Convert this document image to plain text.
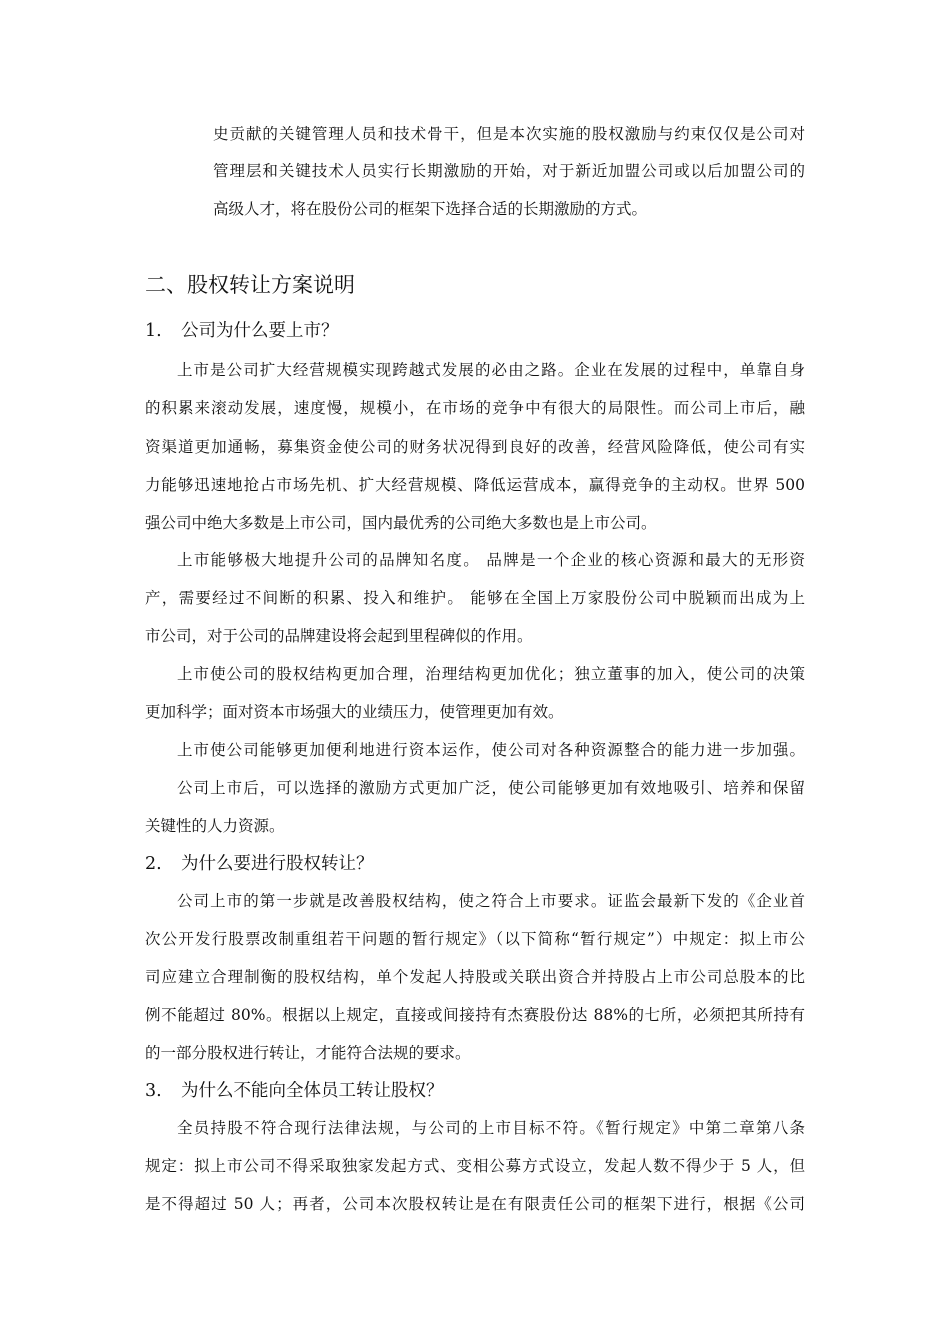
史贡献的关键管理人员和技术骨干，但是本次实施的股权激励与约束仅仅是公司对
管理层和关键技术人员实行长期激励的开始，对于新近加盟公司或以后加盟公司的
高级人才，将在股份公司的框架下选择合适的长期激励的方式。
二、股权转让方案说明
1. 公司为什么要上市？
上市是公司扩大经营规模实现跨越式发展的必由之路。企业在发展的过程中，单靠自身
的积累来滚动发展，速度慢，规模小，在市场的竞争中有很大的局限性。而公司上市后，融
资渠道更加通畅，募集资金使公司的财务状况得到良好的改善，经营风险降低，使公司有实
力能够迅速地抢占市场先机、扩大经营规模、降低运营成本，赢得竞争的主动权。世界 500
强公司中绝大多数是上市公司，国内最优秀的公司绝大多数也是上市公司。
上市能够极大地提升公司的品牌知名度。 品牌是一个企业的核心资源和最大的无形资
产，需要经过不间断的积累、投入和维护。 能够在全国上万家股份公司中脱颖而出成为上
市公司，对于公司的品牌建设将会起到里程碑似的作用。
上市使公司的股权结构更加合理，治理结构更加优化；独立董事的加入，使公司的决策
更加科学；面对资本市场强大的业绩压力，使管理更加有效。
上市使公司能够更加便利地进行资本运作，使公司对各种资源整合的能力进一步加强。
公司上市后，可以选择的激励方式更加广泛，使公司能够更加有效地吸引、培养和保留
关键性的人力资源。
2. 为什么要进行股权转让？
公司上市的第一步就是改善股权结构，使之符合上市要求。证监会最新下发的《企业首
次公开发行股票改制重组若干问题的暂行规定》（以下简称“暂行规定”）中规定：拟上市公
司应建立合理制衡的股权结构，单个发起人持股或关联出资合并持股占上市公司总股本的比
例不能超过 80%。根据以上规定，直接或间接持有杰赛股份达 88%的七所，必须把其所持有
的一部分股权进行转让，才能符合法规的要求。
3. 为什么不能向全体员工转让股权？
全员持股不符合现行法律法规，与公司的上市目标不符。《暂行规定》中第二章第八条
规定：拟上市公司不得采取独家发起方式、变相公募方式设立，发起人数不得少于 5 人，但
是不得超过 50 人；再者，公司本次股权转让是在有限责任公司的框架下进行，根据《公司
